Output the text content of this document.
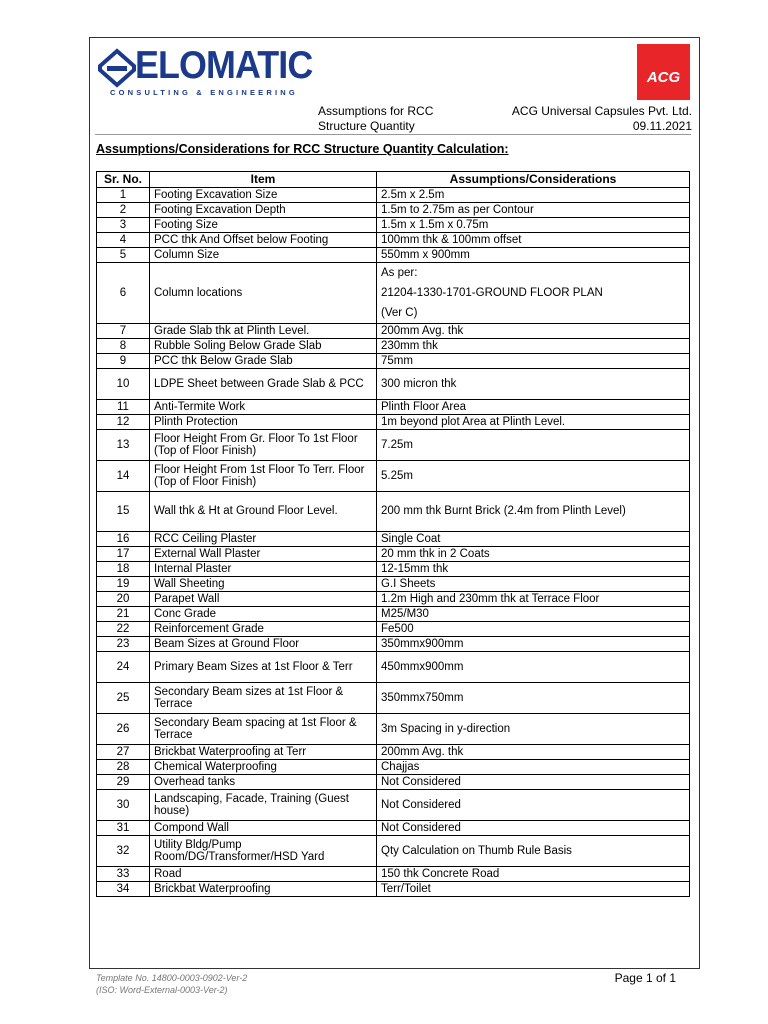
ELOMATIC
CONSULTING & ENGINEERING
ACG
Assumptions for RCC
Structure Quantity
ACG Universal Capsules Pvt. Ltd.
09.11.2021
Assumptions/Considerations for RCC Structure Quantity Calculation:
Sr. No.	Item	Assumptions/Considerations
1	Footing Excavation Size	2.5m x 2.5m
2	Footing Excavation Depth	1.5m to 2.75m as per Contour
3	Footing Size	1.5m x 1.5m x 0.75m
4	PCC thk And Offset below Footing	100mm thk & 100mm offset
5	Column Size	550mm x 900mm
6	Column locations	As per:
21204-1330-1701-GROUND FLOOR PLAN
(Ver C)

7	Grade Slab thk at Plinth Level.	200mm Avg. thk
8	Rubble Soling Below Grade Slab	230mm thk
9	PCC thk Below Grade Slab	75mm
10	LDPE Sheet between Grade Slab & PCC	300 micron thk
11	Anti-Termite Work	Plinth Floor Area
12	Plinth Protection	1m beyond plot Area at Plinth Level.
13	Floor Height From Gr. Floor To 1st Floor (Top of Floor Finish)	7.25m
14	Floor Height From 1st Floor To Terr. Floor (Top of Floor Finish)	5.25m
15	Wall thk & Ht at Ground Floor Level.	200 mm thk Burnt Brick (2.4m from Plinth Level)
16	RCC Ceiling Plaster	Single Coat
17	External Wall Plaster	20 mm thk in 2 Coats
18	Internal Plaster	12-15mm thk
19	Wall Sheeting	G.I Sheets
20	Parapet Wall	1.2m High and 230mm thk at Terrace Floor
21	Conc Grade	M25/M30
22	Reinforcement Grade	Fe500
23	Beam Sizes at Ground Floor	350mmx900mm
24	Primary Beam Sizes at 1st Floor & Terr	450mmx900mm
25	Secondary Beam sizes at 1st Floor & Terrace	350mmx750mm
26	Secondary Beam spacing at 1st Floor & Terrace	3m Spacing in y-direction
27	Brickbat Waterproofing at Terr	200mm Avg. thk
28	Chemical Waterproofing	Chajjas
29	Overhead tanks	Not Considered
30	Landscaping, Facade, Training (Guest house)	Not Considered
31	Compond Wall	Not Considered
32	Utility Bldg/Pump Room/DG/Transformer/HSD Yard	Qty Calculation on Thumb Rule Basis
33	Road	150 thk Concrete Road
34	Brickbat Waterproofing	Terr/Toilet
Template No. 14800-0003-0902-Ver-2
(ISO: Word-External-0003-Ver-2)
Page 1 of 1
